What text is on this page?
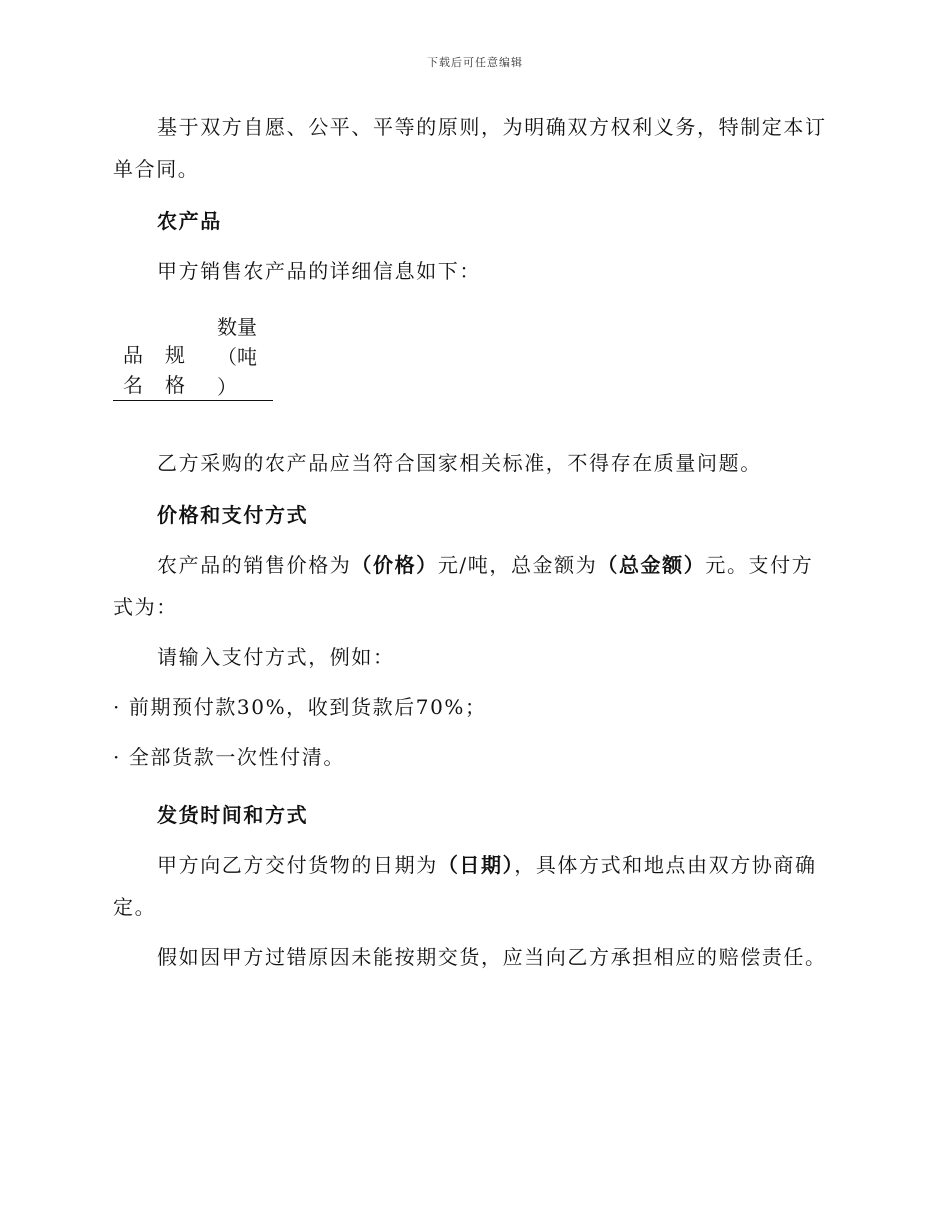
下载后可任意编辑

基于双方自愿、公平、平等的原则，为明确双方权利义务，特制定本订单合同。

农产品

甲方销售农产品的详细信息如下：

品
名
规
格
数量
（吨
）

乙方采购的农产品应当符合国家相关标准，不得存在质量问题。

价格和支付方式

农产品的销售价格为（价格）元/吨，总金额为（总金额）元。支付方式为：

请输入支付方式，例如：

· 前期预付款30%，收到货款后70%；

· 全部货款一次性付清。

发货时间和方式

甲方向乙方交付货物的日期为（日期），具体方式和地点由双方协商确定。

假如因甲方过错原因未能按期交货，应当向乙方承担相应的赔偿责任。
